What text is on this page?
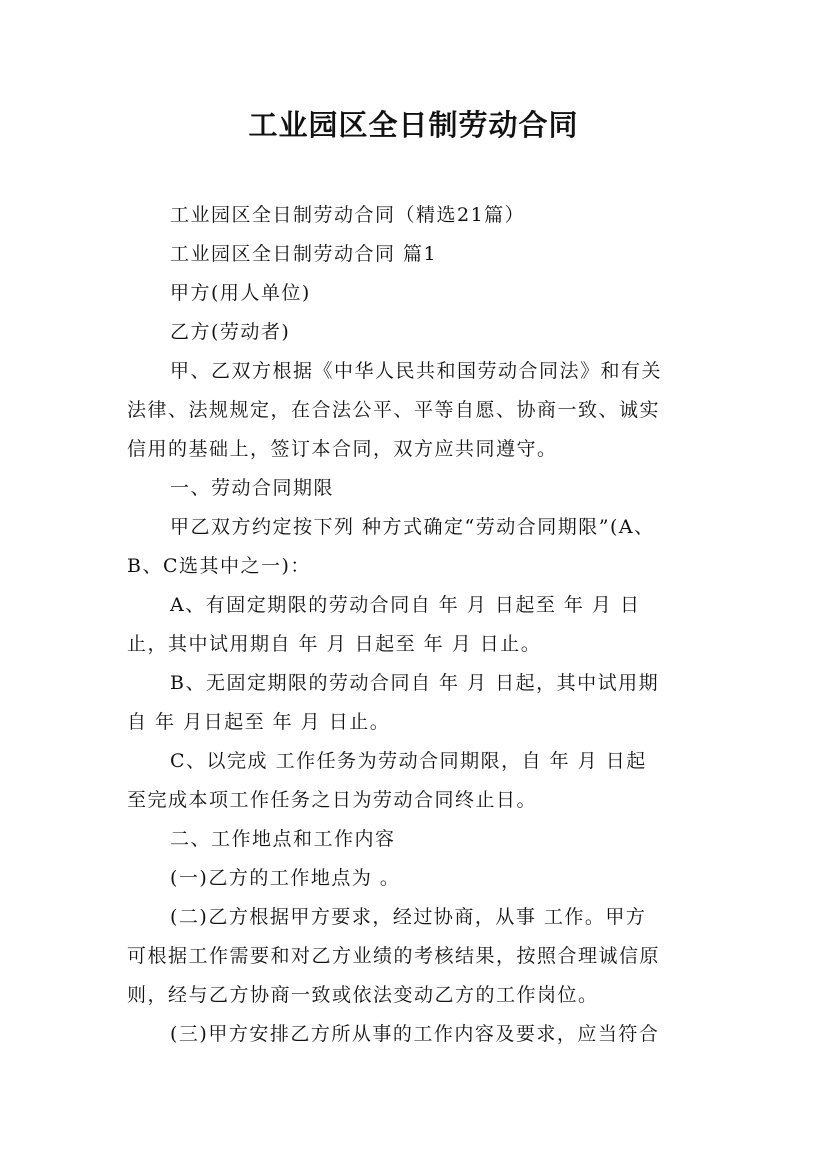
工业园区全日制劳动合同
工业园区全日制劳动合同（精选21篇）
工业园区全日制劳动合同 篇1
甲方(用人单位)
乙方(劳动者)
甲、乙双方根据《中华人民共和国劳动合同法》和有关
法律、法规规定，在合法公平、平等自愿、协商一致、诚实
信用的基础上，签订本合同，双方应共同遵守。
一、劳动合同期限
甲乙双方约定按下列 种方式确定“劳动合同期限”(A、
B、C选其中之一)：
A、有固定期限的劳动合同自 年 月 日起至 年 月 日
止，其中试用期自 年 月 日起至 年 月 日止。
B、无固定期限的劳动合同自 年 月 日起，其中试用期
自 年 月日起至 年 月 日止。
C、以完成 工作任务为劳动合同期限，自 年 月 日起
至完成本项工作任务之日为劳动合同终止日。
二、工作地点和工作内容
(一)乙方的工作地点为 。
(二)乙方根据甲方要求，经过协商，从事 工作。甲方
可根据工作需要和对乙方业绩的考核结果，按照合理诚信原
则，经与乙方协商一致或依法变动乙方的工作岗位。
(三)甲方安排乙方所从事的工作内容及要求，应当符合
